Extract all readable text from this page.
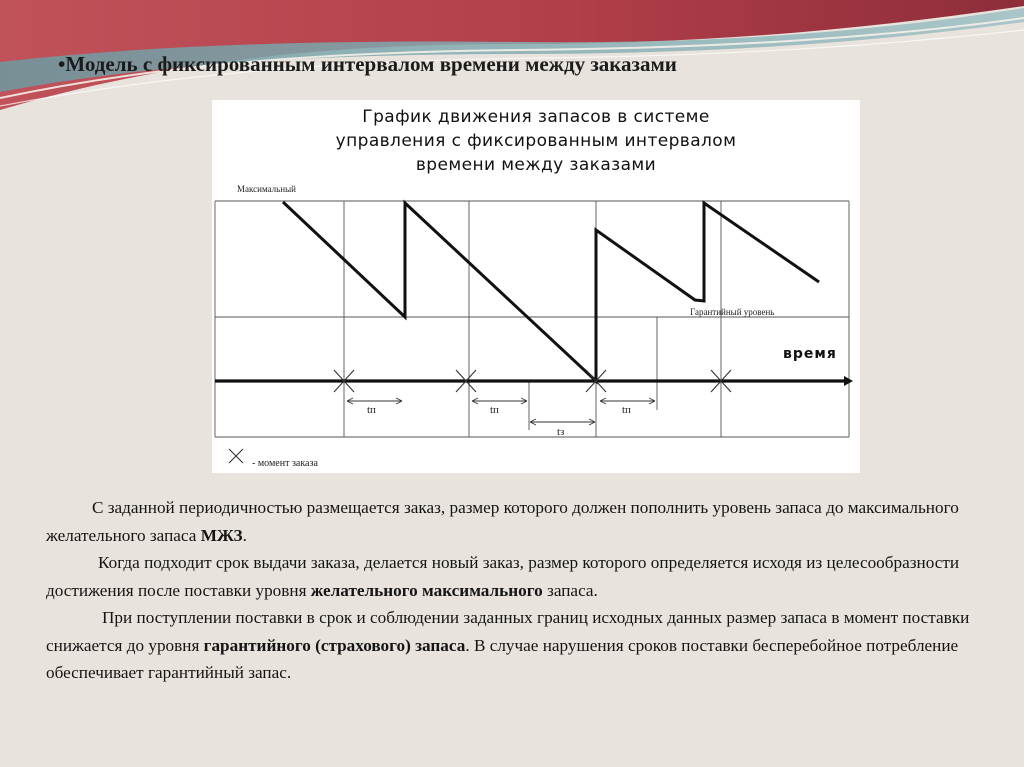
•Модель с фиксированным интервалом времени между заказами
График движения запасов в системе
управления с фиксированным интервалом
времени между заказами
Максимальный
Гарантийный уровень
время
tп	tп	tп
tз
- момент заказа

С заданной периодичностью размещается заказ, размер которого должен пополнить уровень запаса до максимального желательного запаса МЖЗ.

Когда подходит срок выдачи заказа, делается новый заказ, размер которого определяется исходя из целесообразности достижения после поставки уровня желательного максимального запаса.

При поступлении поставки в срок и соблюдении заданных границ исходных данных размер запаса в момент поставки снижается до уровня гарантийного (страхового) запаса. В случае нарушения сроков поставки бесперебойное потребление обеспечивает гарантийный запас.
